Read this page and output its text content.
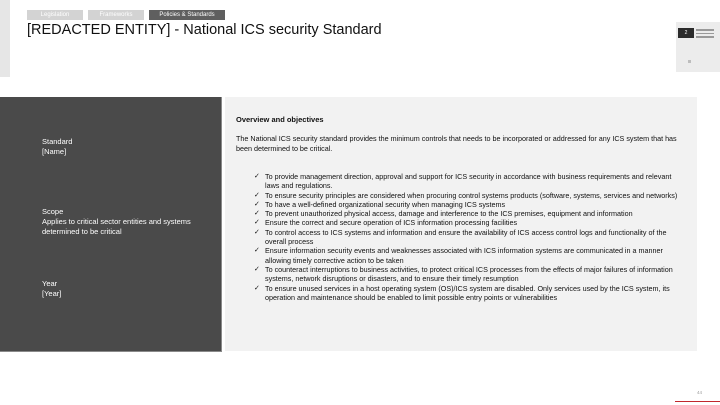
Legislation	Frameworks	Policies & Standards
[REDACTED ENTITY] - National ICS security Standard	2
Standard
[Name]
Scope
Applies to critical sector entities and systems determined to be critical
Year
[Year]
Overview and objectives
The National ICS security standard provides the minimum controls that needs to be incorporated or addressed for any ICS system that has been determined to be critical.
✓ To provide management direction, approval and support for ICS security in accordance with business requirements and relevant laws and regulations.
✓ To ensure security principles are considered when procuring control systems products (software, systems, services and networks)
✓ To have a well-defined organizational security when managing ICS systems
✓ To prevent unauthorized physical access, damage and interference to the ICS premises, equipment and information
✓ Ensure the correct and secure operation of ICS information processing facilities
✓ To control access to ICS systems and information and ensure the availability of ICS access control logs and functionality of the overall process
✓ Ensure information security events and weaknesses associated with ICS information systems are communicated in a manner allowing timely corrective action to be taken
✓ To counteract interruptions to business activities, to protect critical ICS processes from the effects of major failures of information systems, network disruptions or disasters, and to ensure their timely resumption
✓ To ensure unused services in a host operating system (OS)/ICS system are disabled. Only services used by the ICS system, its operation and maintenance should be enabled to limit possible entry points or vulnerabilities
44
